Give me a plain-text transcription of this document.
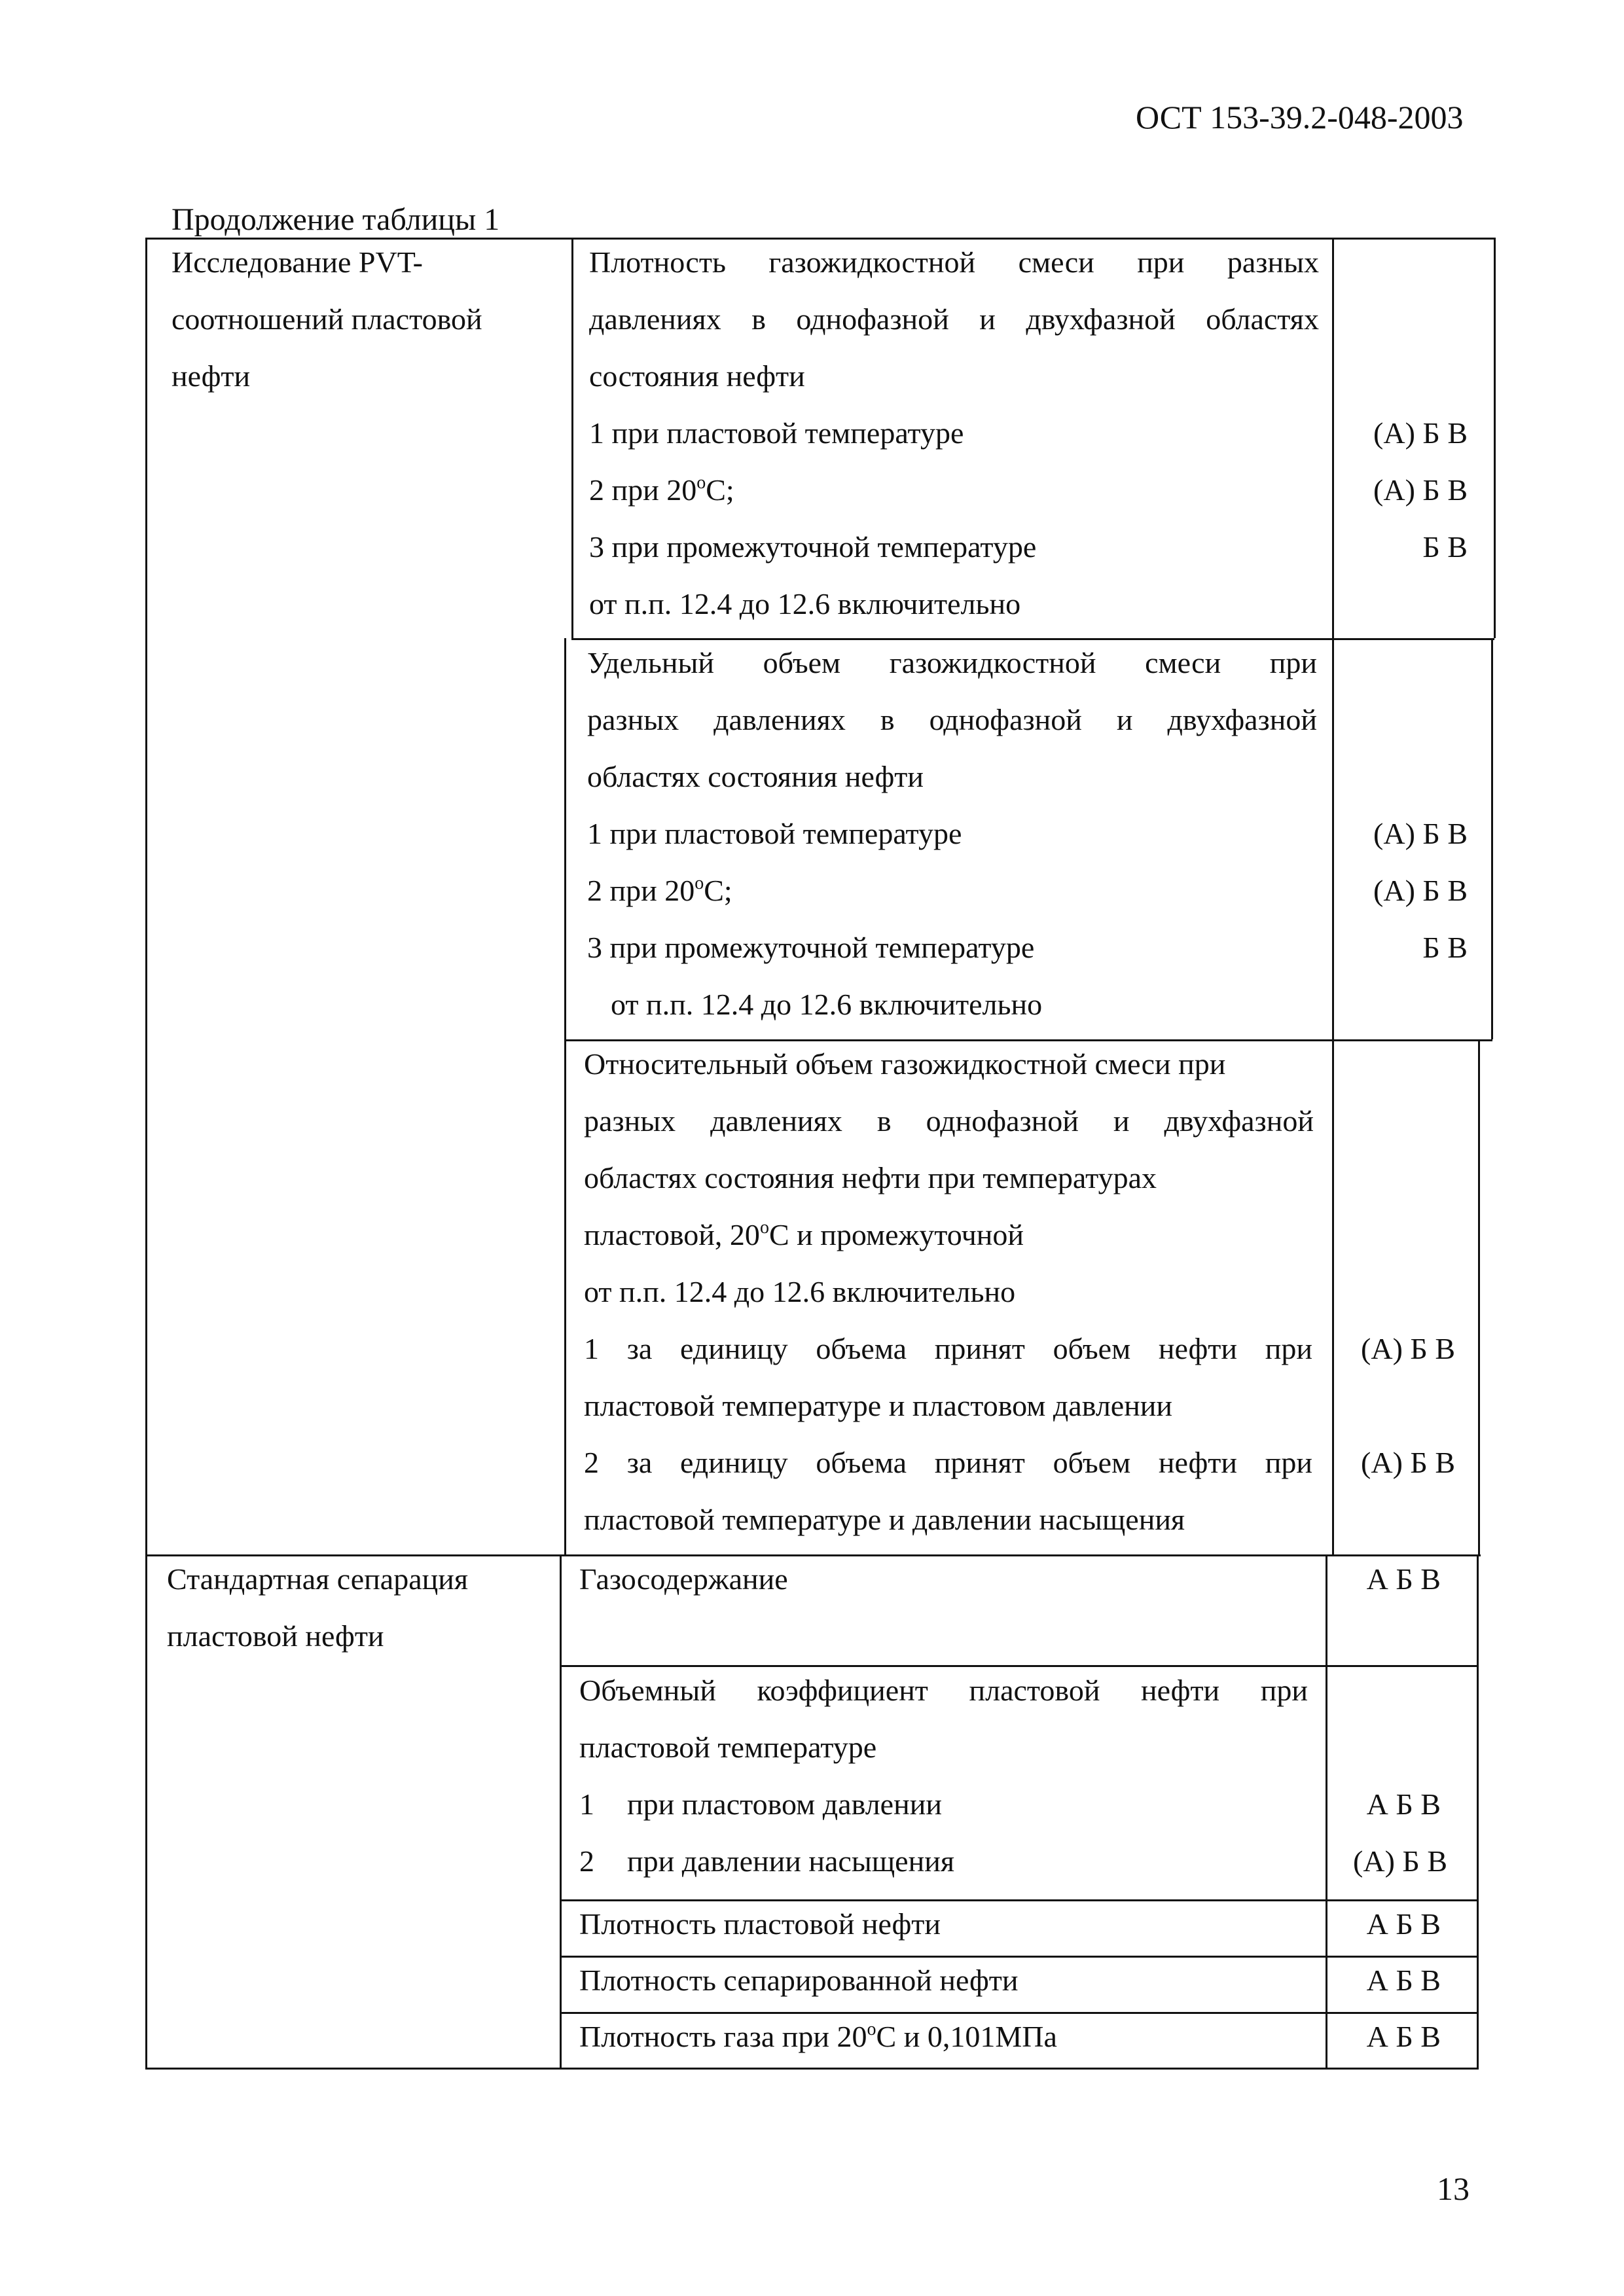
ОСТ 153-39.2-048-2003
Продолжение таблицы 1
Исследование PVT-
соотношений пластовой
нефти
Плотность газожидкостной смеси при разных
давлениях в однофазной и двухфазной областях
состояния нефти
1 при пластовой температуре	(А) Б В
2 при $20^оС$;	(А) Б В
3 при промежуточной температуре	Б В
от п.п. 12.4 до 12.6 включительно
Удельный объем газожидкостной смеси при
разных давлениях в однофазной и двухфазной
областях состояния нефти
1 при пластовой температуре	(А) Б В
2 при $20^оС$;	(А) Б В
3 при промежуточной температуре	Б В
от п.п. 12.4 до 12.6 включительно
Относительный объем газожидкостной смеси при
разных давлениях в однофазной и двухфазной
областях состояния нефти при температурах
пластовой, $20^оС$ и промежуточной
от п.п. 12.4 до 12.6 включительно
1 за единицу объема принят объем нефти при
пластовой температуре и пластовом давлении
(А) Б В
2 за единицу объема принят объем нефти при
пластовой температуре и давлении насыщения
(А) Б В
Стандартная сепарация
пластовой нефти
Газосодержание	А Б В
Объемный коэффициент пластовой нефти при
пластовой температуре
1 при пластовом давлении	А Б В
2 при давлении насыщения	(А) Б В
Плотность пластовой нефти	А Б В
Плотность сепарированной нефти	А Б В
Плотность газа при $20^оС$ и 0,101МПа	А Б В
13
